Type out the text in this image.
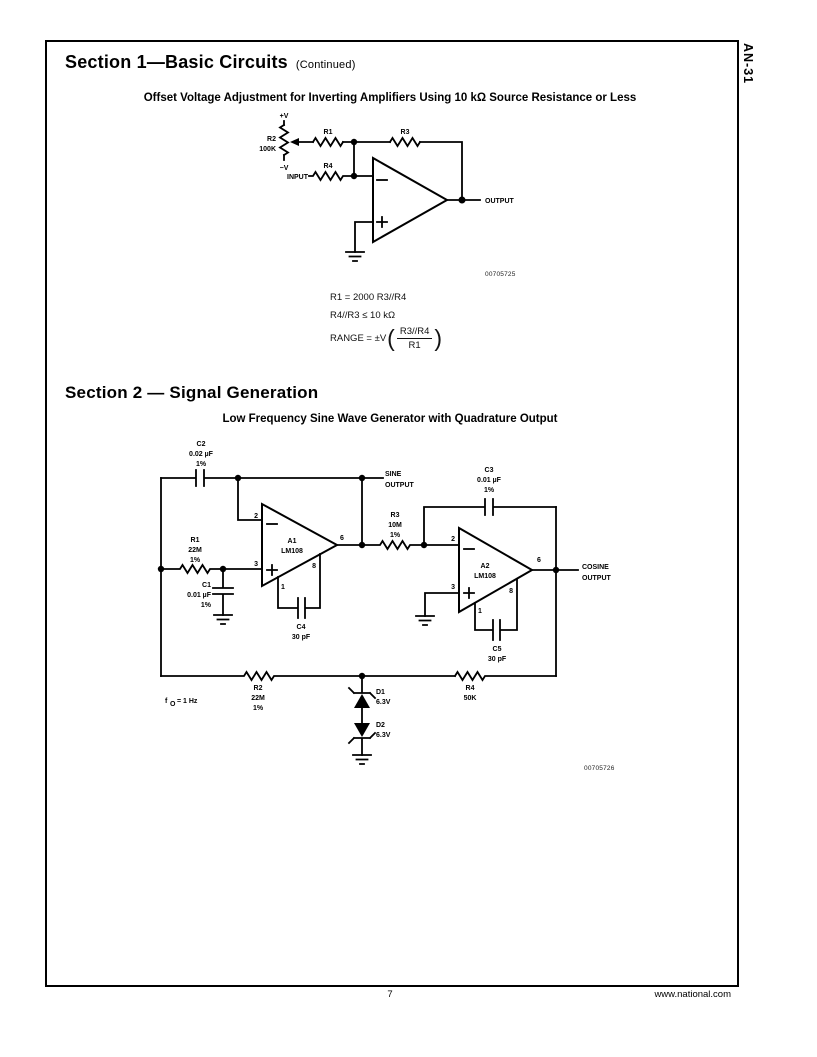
AN-31
Section 1—Basic Circuits (Continued)
Offset Voltage Adjustment for Inverting Amplifiers Using 10 kΩ Source Resistance or Less
+V
−V
R2
100K
R1	R3
R4
INPUT
OUTPUT
00705725
R1 = 2000 R3//R4
R4//R3 ≤ 10 kΩ
RANGE = ±V ( $\frac{R3//R4}{R1}$ )
Section 2 — Signal Generation
Low Frequency Sine Wave Generator with Quadrature Output
C2
0.02 µF
1%
SINE
OUTPUT
R1
22M
1%
C1
0.01 µF
1%
2
3
6
8
1
A1
LM108
C4
30 pF
R3
10M
1%
C3
0.01 µF
1%
2
3
6
8
1
A2
LM108
C5
30 pF
COSINE
OUTPUT
R2
22M
1%
R4
50K
D1
6.3V
D2
6.3V
f O = 1 Hz
00705726
7	www.national.com
